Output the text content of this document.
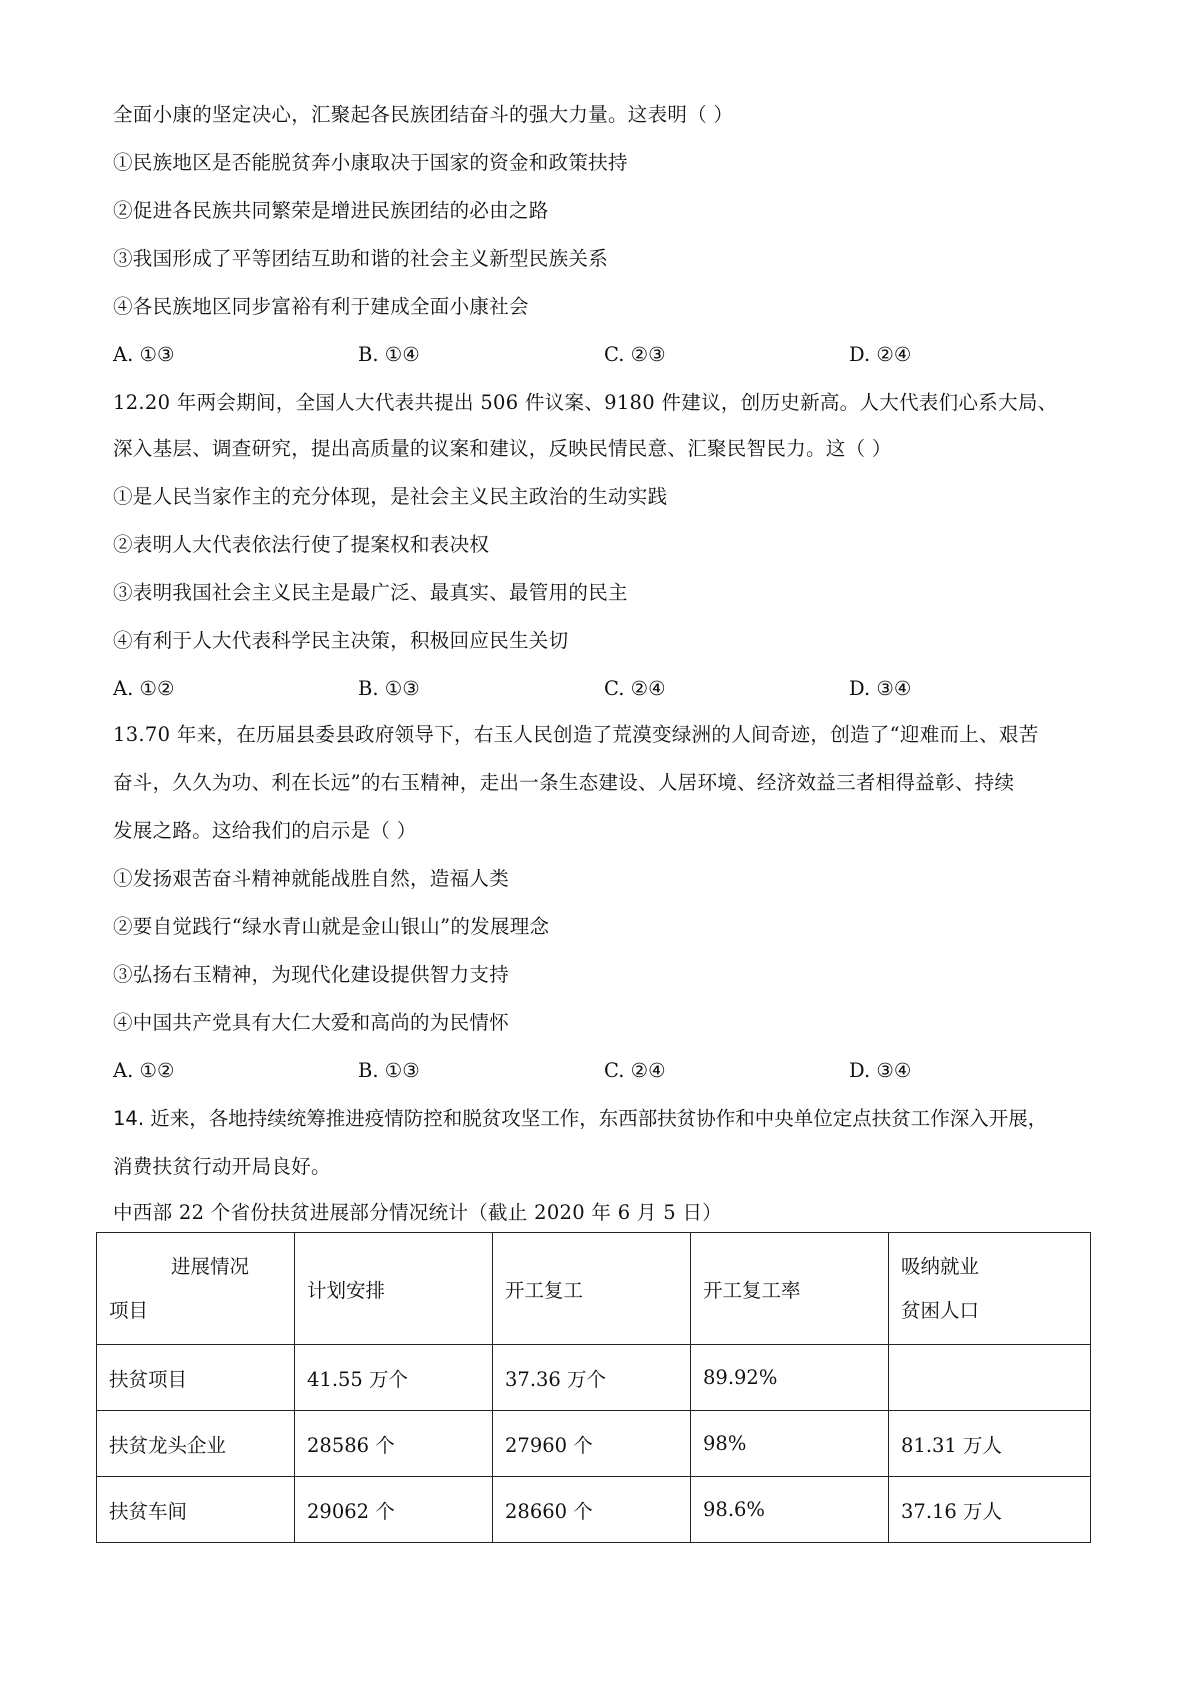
全面小康的坚定决心，汇聚起各民族团结奋斗的强大力量。这表明（ ）
①民族地区是否能脱贫奔小康取决于国家的资金和政策扶持
②促进各民族共同繁荣是增进民族团结的必由之路
③我国形成了平等团结互助和谐的社会主义新型民族关系
④各民族地区同步富裕有利于建成全面小康社会
A. ①③	B. ①④	C. ②③	D. ②④
12.20 年两会期间，全国人大代表共提出 506 件议案、9180 件建议，创历史新高。人大代表们心系大局、
深入基层、调查研究，提出高质量的议案和建议，反映民情民意、汇聚民智民力。这（ ）
①是人民当家作主的充分体现，是社会主义民主政治的生动实践
②表明人大代表依法行使了提案权和表决权
③表明我国社会主义民主是最广泛、最真实、最管用的民主
④有利于人大代表科学民主决策，积极回应民生关切
A. ①②	B. ①③	C. ②④	D. ③④
13.70 年来，在历届县委县政府领导下，右玉人民创造了荒漠变绿洲的人间奇迹，创造了“迎难而上、艰苦
奋斗，久久为功、利在长远”的右玉精神，走出一条生态建设、人居环境、经济效益三者相得益彰、持续
发展之路。这给我们的启示是（ ）
①发扬艰苦奋斗精神就能战胜自然，造福人类
②要自觉践行“绿水青山就是金山银山”的发展理念
③弘扬右玉精神，为现代化建设提供智力支持
④中国共产党具有大仁大爱和高尚的为民情怀
A. ①②	B. ①③	C. ②④	D. ③④
14. 近来，各地持续统筹推进疫情防控和脱贫攻坚工作，东西部扶贫协作和中央单位定点扶贫工作深入开展，
消费扶贫行动开局良好。
中西部 22 个省份扶贫进展部分情况统计（截止 2020 年 6 月 5 日）
进展情况
项目	计划安排	开工复工	开工复工率	吸纳就业
贫困人口

扶贫项目	41.55 万个	37.36 万个	89.92%	
扶贫龙头企业	28586 个	27960 个	98%	81.31 万人
扶贫车间	29062 个	28660 个	98.6%	37.16 万人
